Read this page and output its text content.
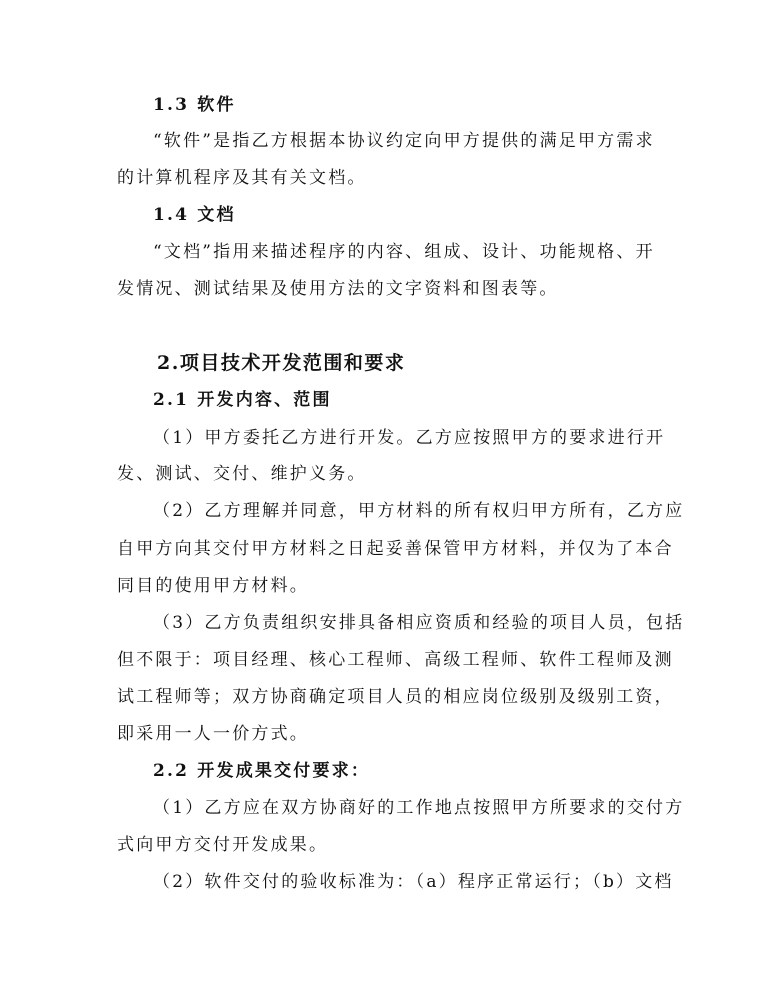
1.3 软件
“软件”是指乙方根据本协议约定向甲方提供的满足甲方需求
的计算机程序及其有关文档。
1.4 文档
“文档”指用来描述程序的内容、组成、设计、功能规格、开
发情况、测试结果及使用方法的文字资料和图表等。
2.项目技术开发范围和要求
2.1 开发内容、范围
（1）甲方委托乙方进行开发。乙方应按照甲方的要求进行开
发、测试、交付、维护义务。
（2）乙方理解并同意，甲方材料的所有权归甲方所有，乙方应
自甲方向其交付甲方材料之日起妥善保管甲方材料，并仅为了本合
同目的使用甲方材料。
（3）乙方负责组织安排具备相应资质和经验的项目人员，包括
但不限于：项目经理、核心工程师、高级工程师、软件工程师及测
试工程师等；双方协商确定项目人员的相应岗位级别及级别工资，
即采用一人一价方式。
2.2 开发成果交付要求：
（1）乙方应在双方协商好的工作地点按照甲方所要求的交付方
式向甲方交付开发成果。
（2）软件交付的验收标准为：（a）程序正常运行；（b）文档
